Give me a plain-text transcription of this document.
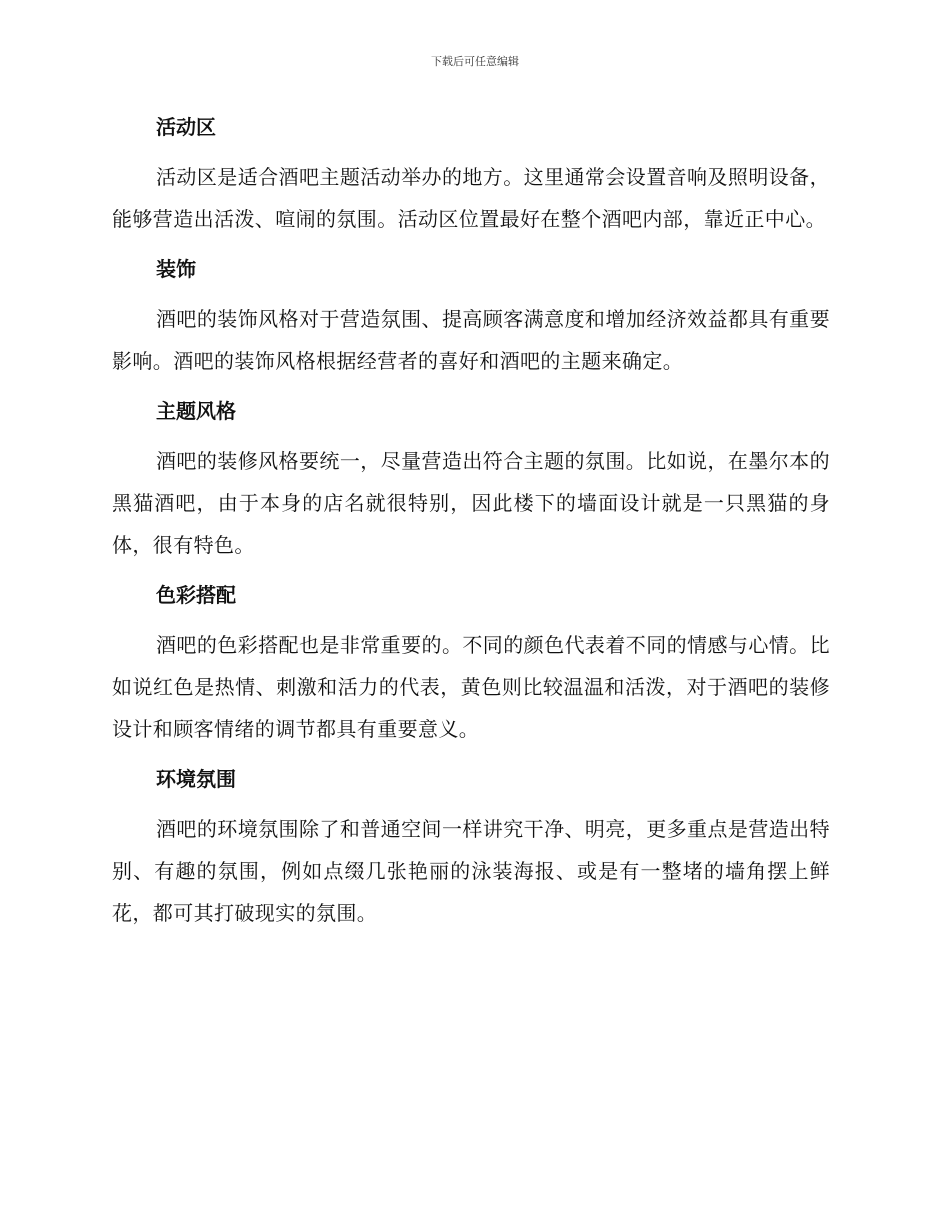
下载后可任意编辑
活动区

活动区是适合酒吧主题活动举办的地方。这里通常会设置音响及照明设备，能够营造出活泼、喧闹的氛围。活动区位置最好在整个酒吧内部，靠近正中心。

装饰

酒吧的装饰风格对于营造氛围、提高顾客满意度和增加经济效益都具有重要影响。酒吧的装饰风格根据经营者的喜好和酒吧的主题来确定。

主题风格

酒吧的装修风格要统一，尽量营造出符合主题的氛围。比如说，在墨尔本的黑猫酒吧，由于本身的店名就很特别，因此楼下的墙面设计就是一只黑猫的身体，很有特色。

色彩搭配

酒吧的色彩搭配也是非常重要的。不同的颜色代表着不同的情感与心情。比如说红色是热情、刺激和活力的代表，黄色则比较温温和活泼，对于酒吧的装修设计和顾客情绪的调节都具有重要意义。

环境氛围

酒吧的环境氛围除了和普通空间一样讲究干净、明亮，更多重点是营造出特别、有趣的氛围，例如点缀几张艳丽的泳装海报、或是有一整堵的墙角摆上鲜花，都可其打破现实的氛围。
